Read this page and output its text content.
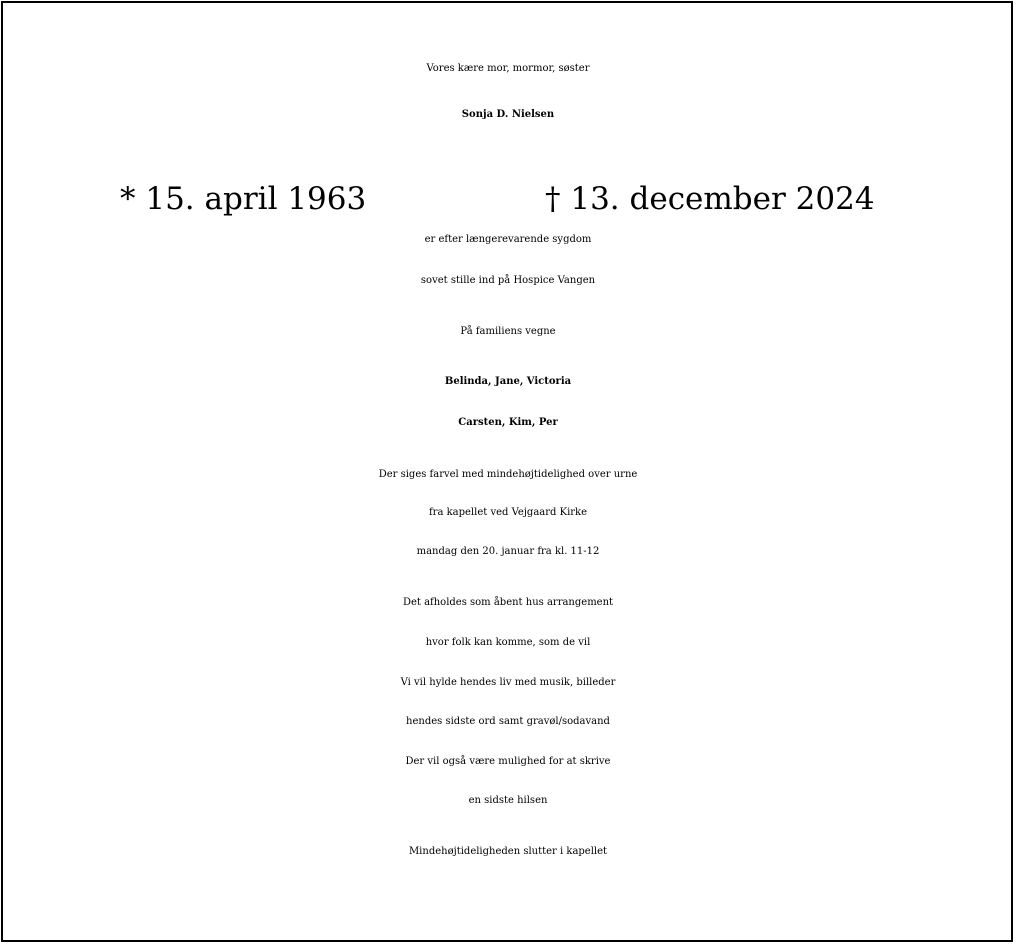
Vores kære mor, mormor, søster
Sonja D. Nielsen
* 15. april 1963	† 13. december 2024
er efter længerevarende sygdom
sovet stille ind på Hospice Vangen
På familiens vegne
Belinda, Jane, Victoria
Carsten, Kim, Per
Der siges farvel med mindehøjtidelighed over urne
fra kapellet ved Vejgaard Kirke
mandag den 20. januar fra kl. 11-12
Det afholdes som åbent hus arrangement
hvor folk kan komme, som de vil
Vi vil hylde hendes liv med musik, billeder
hendes sidste ord samt gravøl/sodavand
Der vil også være mulighed for at skrive
en sidste hilsen
Mindehøjtideligheden slutter i kapellet
